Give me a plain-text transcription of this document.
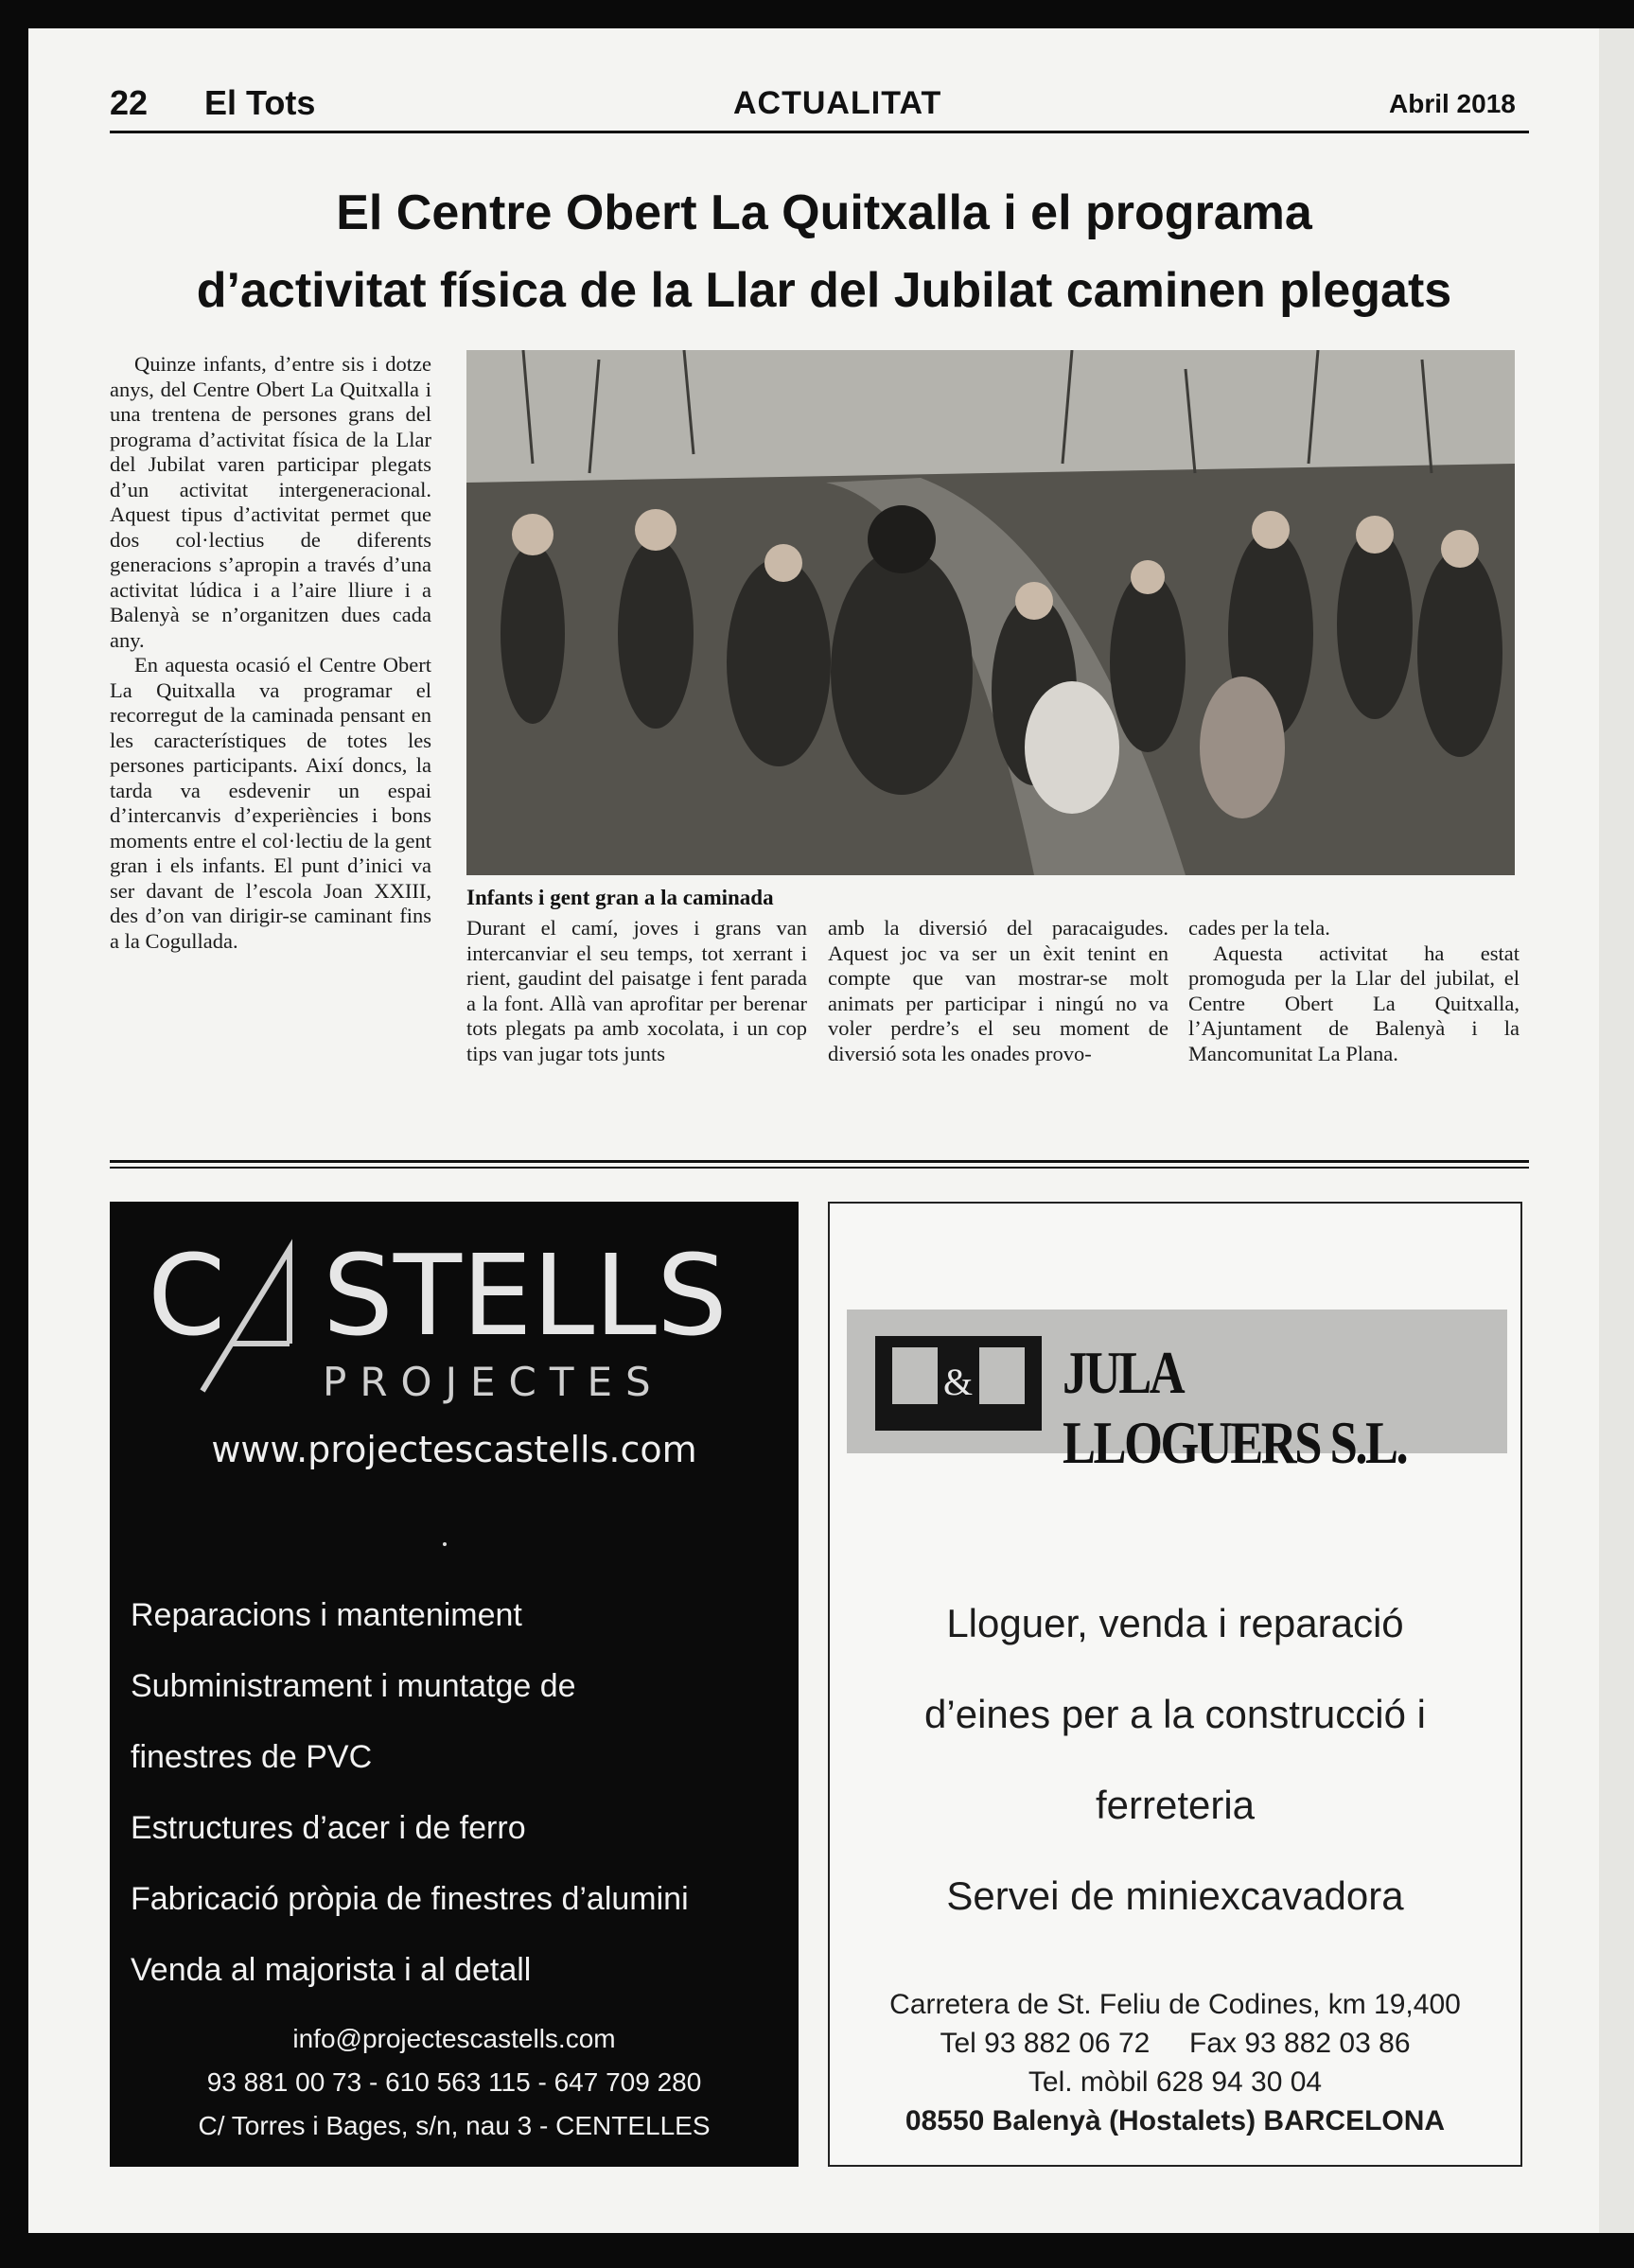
22 El Tots	ACTUALITAT	Abril 2018
El Centre Obert La Quitxalla i el programa
d’activitat física de la Llar del Jubilat caminen plegats

Quinze infants, d’entre sis i dotze anys, del Centre Obert La Quitxalla i una trentena de persones grans del programa d’activitat física de la Llar del Jubilat varen participar plegats d’un activitat intergeneracional. Aquest tipus d’activitat permet que dos col·lectius de diferents generacions s’apropin a través d’una activitat lúdica i a l’aire lliure i a Balenyà se n’organitzen dues cada any.

En aquesta ocasió el Centre Obert La Quitxalla va programar el recorregut de la caminada pensant en les característiques de totes les persones participants. Així doncs, la tarda va esdevenir un espai d’intercanvis d’experiències i bons moments entre el col·lectiu de la gent gran i els infants. El punt d’inici va ser davant de l’escola Joan XXIII, des d’on van dirigir-se caminant fins a la Cogullada.

Infants i gent gran a la caminada

Durant el camí, joves i grans van intercanviar el seu temps, tot xerrant i rient, gaudint del paisatge i fent parada a la font. Allà van aprofitar per berenar tots plegats pa amb xocolata, i un cop tips van jugar tots junts

amb la diversió del paracaigudes. Aquest joc va ser un èxit tenint en compte que van mostrar-se molt animats per participar i ningú no va voler perdre’s el seu moment de diversió sota les onades provo-

cades per la tela.

Aquesta activitat ha estat promoguda per la Llar del jubilat, el Centre Obert La Quitxalla, l’Ajuntament de Balenyà i la Mancomunitat La Plana.

C STELLS
PROJECTES
www.projectescastells.com
Reparacions i manteniment
Subministrament i muntatge de
finestres de PVC
Estructures d’acer i de ferro
Fabricació pròpia de finestres d’alumini
Venda al majorista i al detall
info@projectescastells.com
93 881 00 73 - 610 563 115 - 647 709 280
C/ Torres i Bages, s/n, nau 3 - CENTELLES
& JULA LLOGUERS S.L.
Lloguer, venda i reparació
d’eines per a la construcció i
ferreteria
Servei de miniexcavadora
Carretera de St. Feliu de Codines, km 19,400
Tel 93 882 06 72     Fax 93 882 03 86
Tel. mòbil 628 94 30 04
08550 Balenyà (Hostalets) BARCELONA
